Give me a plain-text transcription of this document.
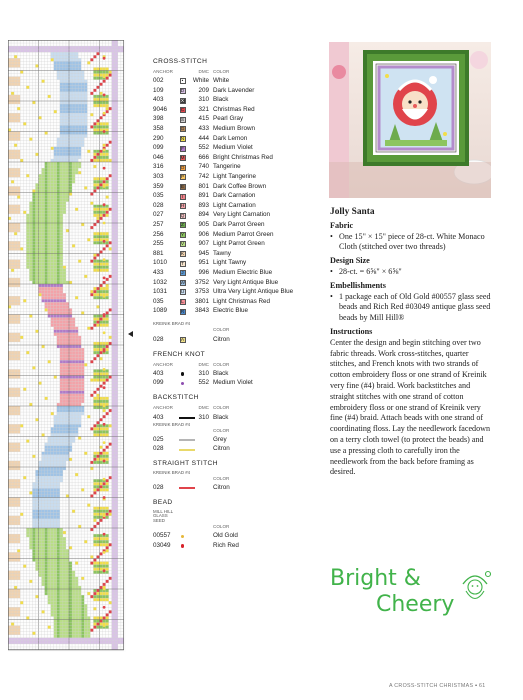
CROSS-STITCH
ANCHOR	DMC COLOR
002	•	White White
109	D	209 Dark Lavender
403	X	310 Black
9046	C	321 Christmas Red
398	S	415 Pearl Gray
358	G	433 Medium Brown
290	N	444 Dark Lemon
099	F	552 Medium Violet
046	M	666 Bright Christmas Red
316	O	740 Tangerine
303	P	742 Light Tangerine
359	E	801 Dark Coffee Brown
035	I	891 Dark Carnation
028	H	893 Light Carnation
027	Q	894 Very Light Carnation
257	Z	905 Dark Parrot Green
256	Y	906 Medium Parrot Green
255	V	907 Light Parrot Green
881	K	945 Tawny
1010	T	951 Light Tawny
433	J	996 Medium Electric Blue
1032	W	3752 Very Light Antique Blue
1031	U	3753 Ultra Very Light Antique Blue
035	L	3801 Light Christmas Red
1089	R	3843 Electric Blue
KREINIK BRAD #4
COLOR
028	A	Citron
FRENCH KNOT
ANCHOR	DMC COLOR
403	310 Black
099	552 Medium Violet
BACKSTITCH
ANCHOR	DMC COLOR
403	310 Black
KREINIK BRAD #4
COLOR
025	Grey
028	Citron
STRAIGHT STITCH
KREINIK BRAD #4
COLOR
028	Citron
BEAD
MILL HILL GLASS SEED
COLOR
00557	Old Gold
03049	Rich Red
Jolly Santa
Fabric
• One 15" × 15" piece of 28-ct. White Monaco Cloth (stitched over two threads)
Design Size
• 28-ct. = 6⅝" × 6⅝"
Embellishments
• 1 package each of Old Gold #00557 glass seed beads and Rich Red #03049 antique glass seed beads by Mill Hill®
Instructions

Center the design and begin stitching over two fabric threads. Work cross-stitches, quarter stitches, and French knots with two strands of cotton embroidery floss or one strand of Kreinik very fine (#4) braid. Work backstitches and straight stitches with one strand of cotton embroidery floss or one strand of Kreinik very fine (#4) braid. Attach beads with one strand of coordinating floss. Lay the needlework facedown on a terry cloth towel (to protect the beads) and use a pressing cloth to carefully iron the needlework from the back before framing as desired.

Bright &
Cheery
A CROSS-STITCH CHRISTMAS • 61
